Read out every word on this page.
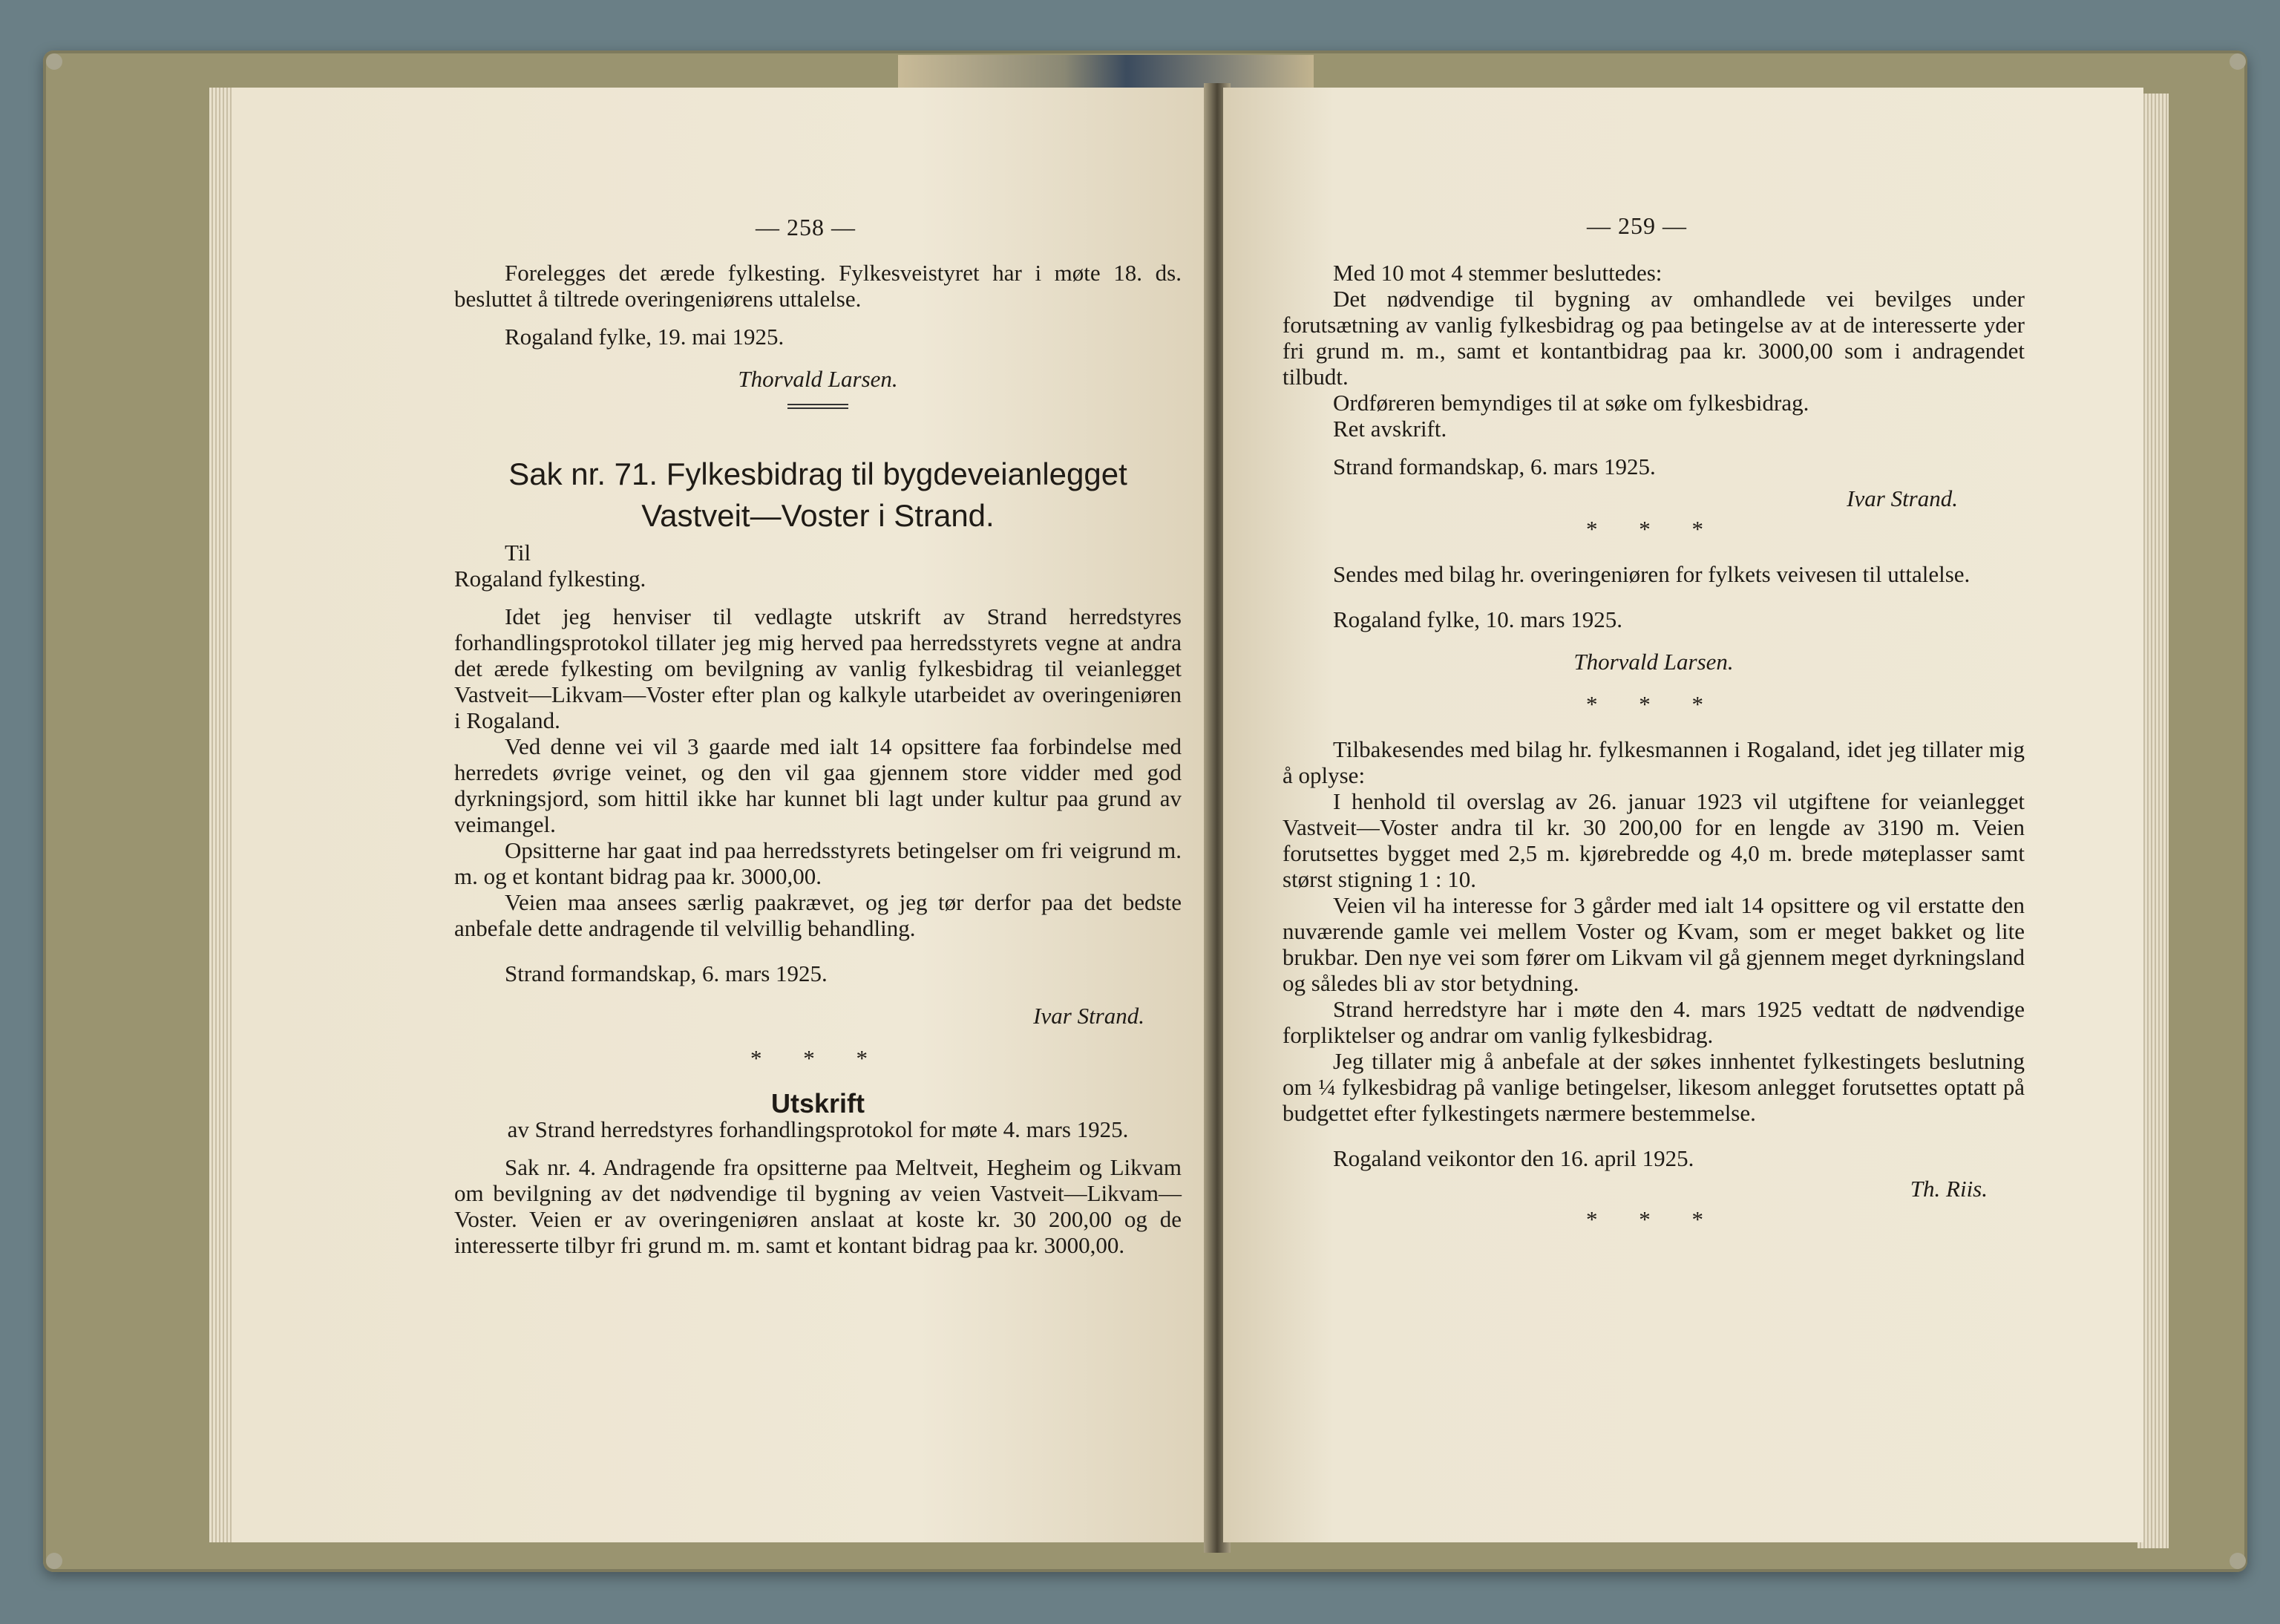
— 258 —

Forelegges det ærede fylkesting. Fylkesveistyret har i møte 18. ds. besluttet å tiltrede overingeniørens uttalelse.

Rogaland fylke, 19. mai 1925.

Thorvald Larsen.

Sak nr. 71. Fylkesbidrag til bygdeveianlegget Vastveit—Voster i Strand.

Til

Rogaland fylkesting.

Idet jeg henviser til vedlagte utskrift av Strand herredstyres forhandlingsprotokol tillater jeg mig herved paa herredsstyrets vegne at andra det ærede fylkesting om bevilgning av vanlig fylkesbidrag til veianlegget Vastveit—Likvam—Voster efter plan og kalkyle utarbeidet av overingeniøren i Rogaland.

Ved denne vei vil 3 gaarde med ialt 14 opsittere faa forbindelse med herredets øvrige veinet, og den vil gaa gjennem store vidder med god dyrkningsjord, som hittil ikke har kunnet bli lagt under kultur paa grund av veimangel.

Opsitterne har gaat ind paa herredsstyrets betingelser om fri veigrund m. m. og et kontant bidrag paa kr. 3000,00.

Veien maa ansees særlig paakrævet, og jeg tør derfor paa det bedste anbefale dette andragende til velvillig behandling.

Strand formandskap, 6. mars 1925.

Ivar Strand.

* * *

Utskrift

av Strand herredstyres forhandlingsprotokol for møte 4. mars 1925.

Sak nr. 4. Andragende fra opsitterne paa Meltveit, Hegheim og Likvam om bevilgning av det nødvendige til bygning av veien Vastveit—Likvam—Voster. Veien er av overingeniøren anslaat at koste kr. 30 200,00 og de interesserte tilbyr fri grund m. m. samt et kontant bidrag paa kr. 3000,00.

— 259 —

Med 10 mot 4 stemmer besluttedes:

Det nødvendige til bygning av omhandlede vei bevilges under forutsætning av vanlig fylkesbidrag og paa betingelse av at de interesserte yder fri grund m. m., samt et kontantbidrag paa kr. 3000,00 som i andragendet tilbudt.

Ordføreren bemyndiges til at søke om fylkesbidrag.

Ret avskrift.

Strand formandskap, 6. mars 1925.

Ivar Strand.

* * *

Sendes med bilag hr. overingeniøren for fylkets veivesen til uttalelse.

Rogaland fylke, 10. mars 1925.

Thorvald Larsen.

* * *

Tilbakesendes med bilag hr. fylkesmannen i Rogaland, idet jeg tillater mig å oplyse:

I henhold til overslag av 26. januar 1923 vil utgiftene for veianlegget Vastveit—Voster andra til kr. 30 200,00 for en lengde av 3190 m. Veien forutsettes bygget med 2,5 m. kjørebredde og 4,0 m. brede møteplasser samt størst stigning 1 : 10.

Veien vil ha interesse for 3 gårder med ialt 14 opsittere og vil erstatte den nuværende gamle vei mellem Voster og Kvam, som er meget bakket og lite brukbar. Den nye vei som fører om Likvam vil gå gjennem meget dyrkningsland og således bli av stor betydning.

Strand herredstyre har i møte den 4. mars 1925 vedtatt de nødvendige forpliktelser og andrar om vanlig fylkesbidrag.

Jeg tillater mig å anbefale at der søkes innhentet fylkestingets beslutning om ¼ fylkesbidrag på vanlige betingelser, likesom anlegget forutsettes optatt på budgettet efter fylkestingets nærmere bestemmelse.

Rogaland veikontor den 16. april 1925.

Th. Riis.

* * *
